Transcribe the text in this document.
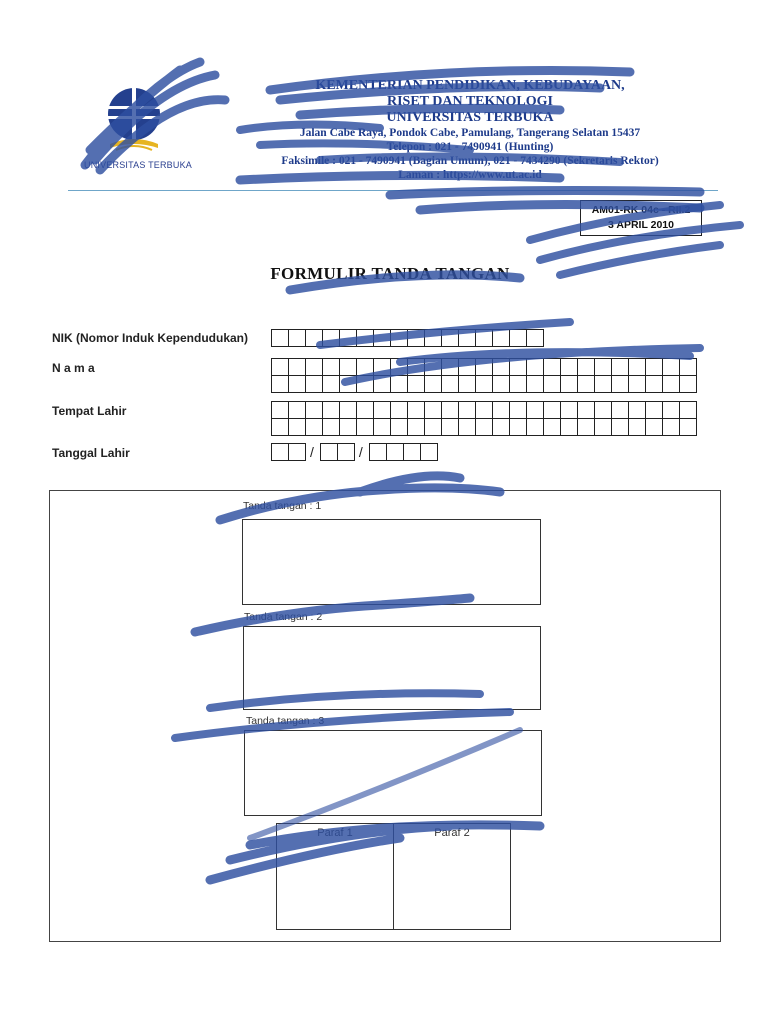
UNIVERSITAS TERBUKA
KEMENTERIAN PENDIDIKAN, KEBUDAYAAN,
RISET DAN TEKNOLOGI
UNIVERSITAS TERBUKA
Jalan Cabe Raya, Pondok Cabe, Pamulang, Tangerang Selatan 15437
Telepon : 021 - 7490941 (Hunting)
Faksimile : 021 - 7490941 (Bagian Umum), 021 - 7434290 (Sekretaris Rektor)
Laman : https://www.ut.ac.id
AM01-RK 04c - RII.2
3 APRIL 2010
FORMULIR TANDA TANGAN
NIK (Nomor Induk Kependudukan)
N a m a
Tempat Lahir
Tanggal Lahir	/	/
Tanda tangan : 1
Tanda tangan : 2
Tanda tangan : 3
Paraf 1	Paraf 2
